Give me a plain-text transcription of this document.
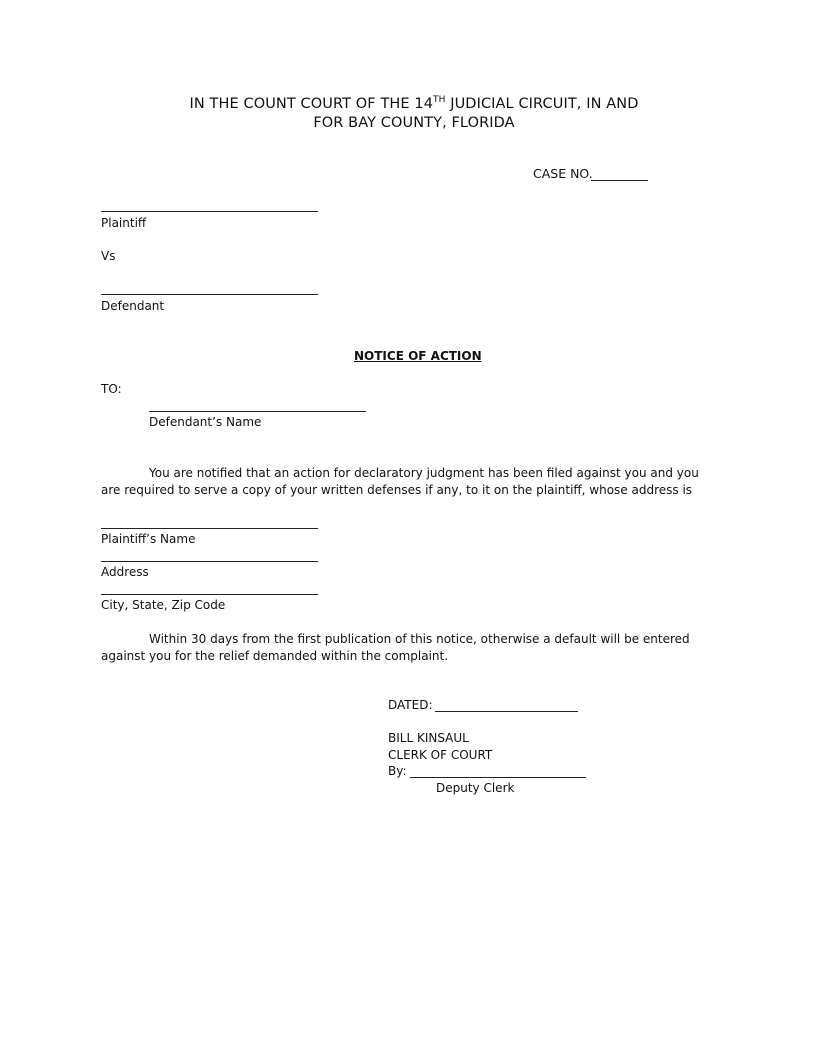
IN THE COUNT COURT OF THE 14TH JUDICIAL CIRCUIT, IN AND
FOR BAY COUNTY, FLORIDA
CASE NO.
Plaintiff
Vs
Defendant
NOTICE OF ACTION
TO:
Defendant’s Name
You are notified that an action for declaratory judgment has been filed against you and you are required to serve a copy of your written defenses if any, to it on the plaintiff, whose address is
Plaintiff’s Name
Address
City, State, Zip Code
Within 30 days from the first publication of this notice, otherwise a default will be entered against you for the relief demanded within the complaint.
DATED:
BILL KINSAUL
CLERK OF COURT
By:
Deputy Clerk
